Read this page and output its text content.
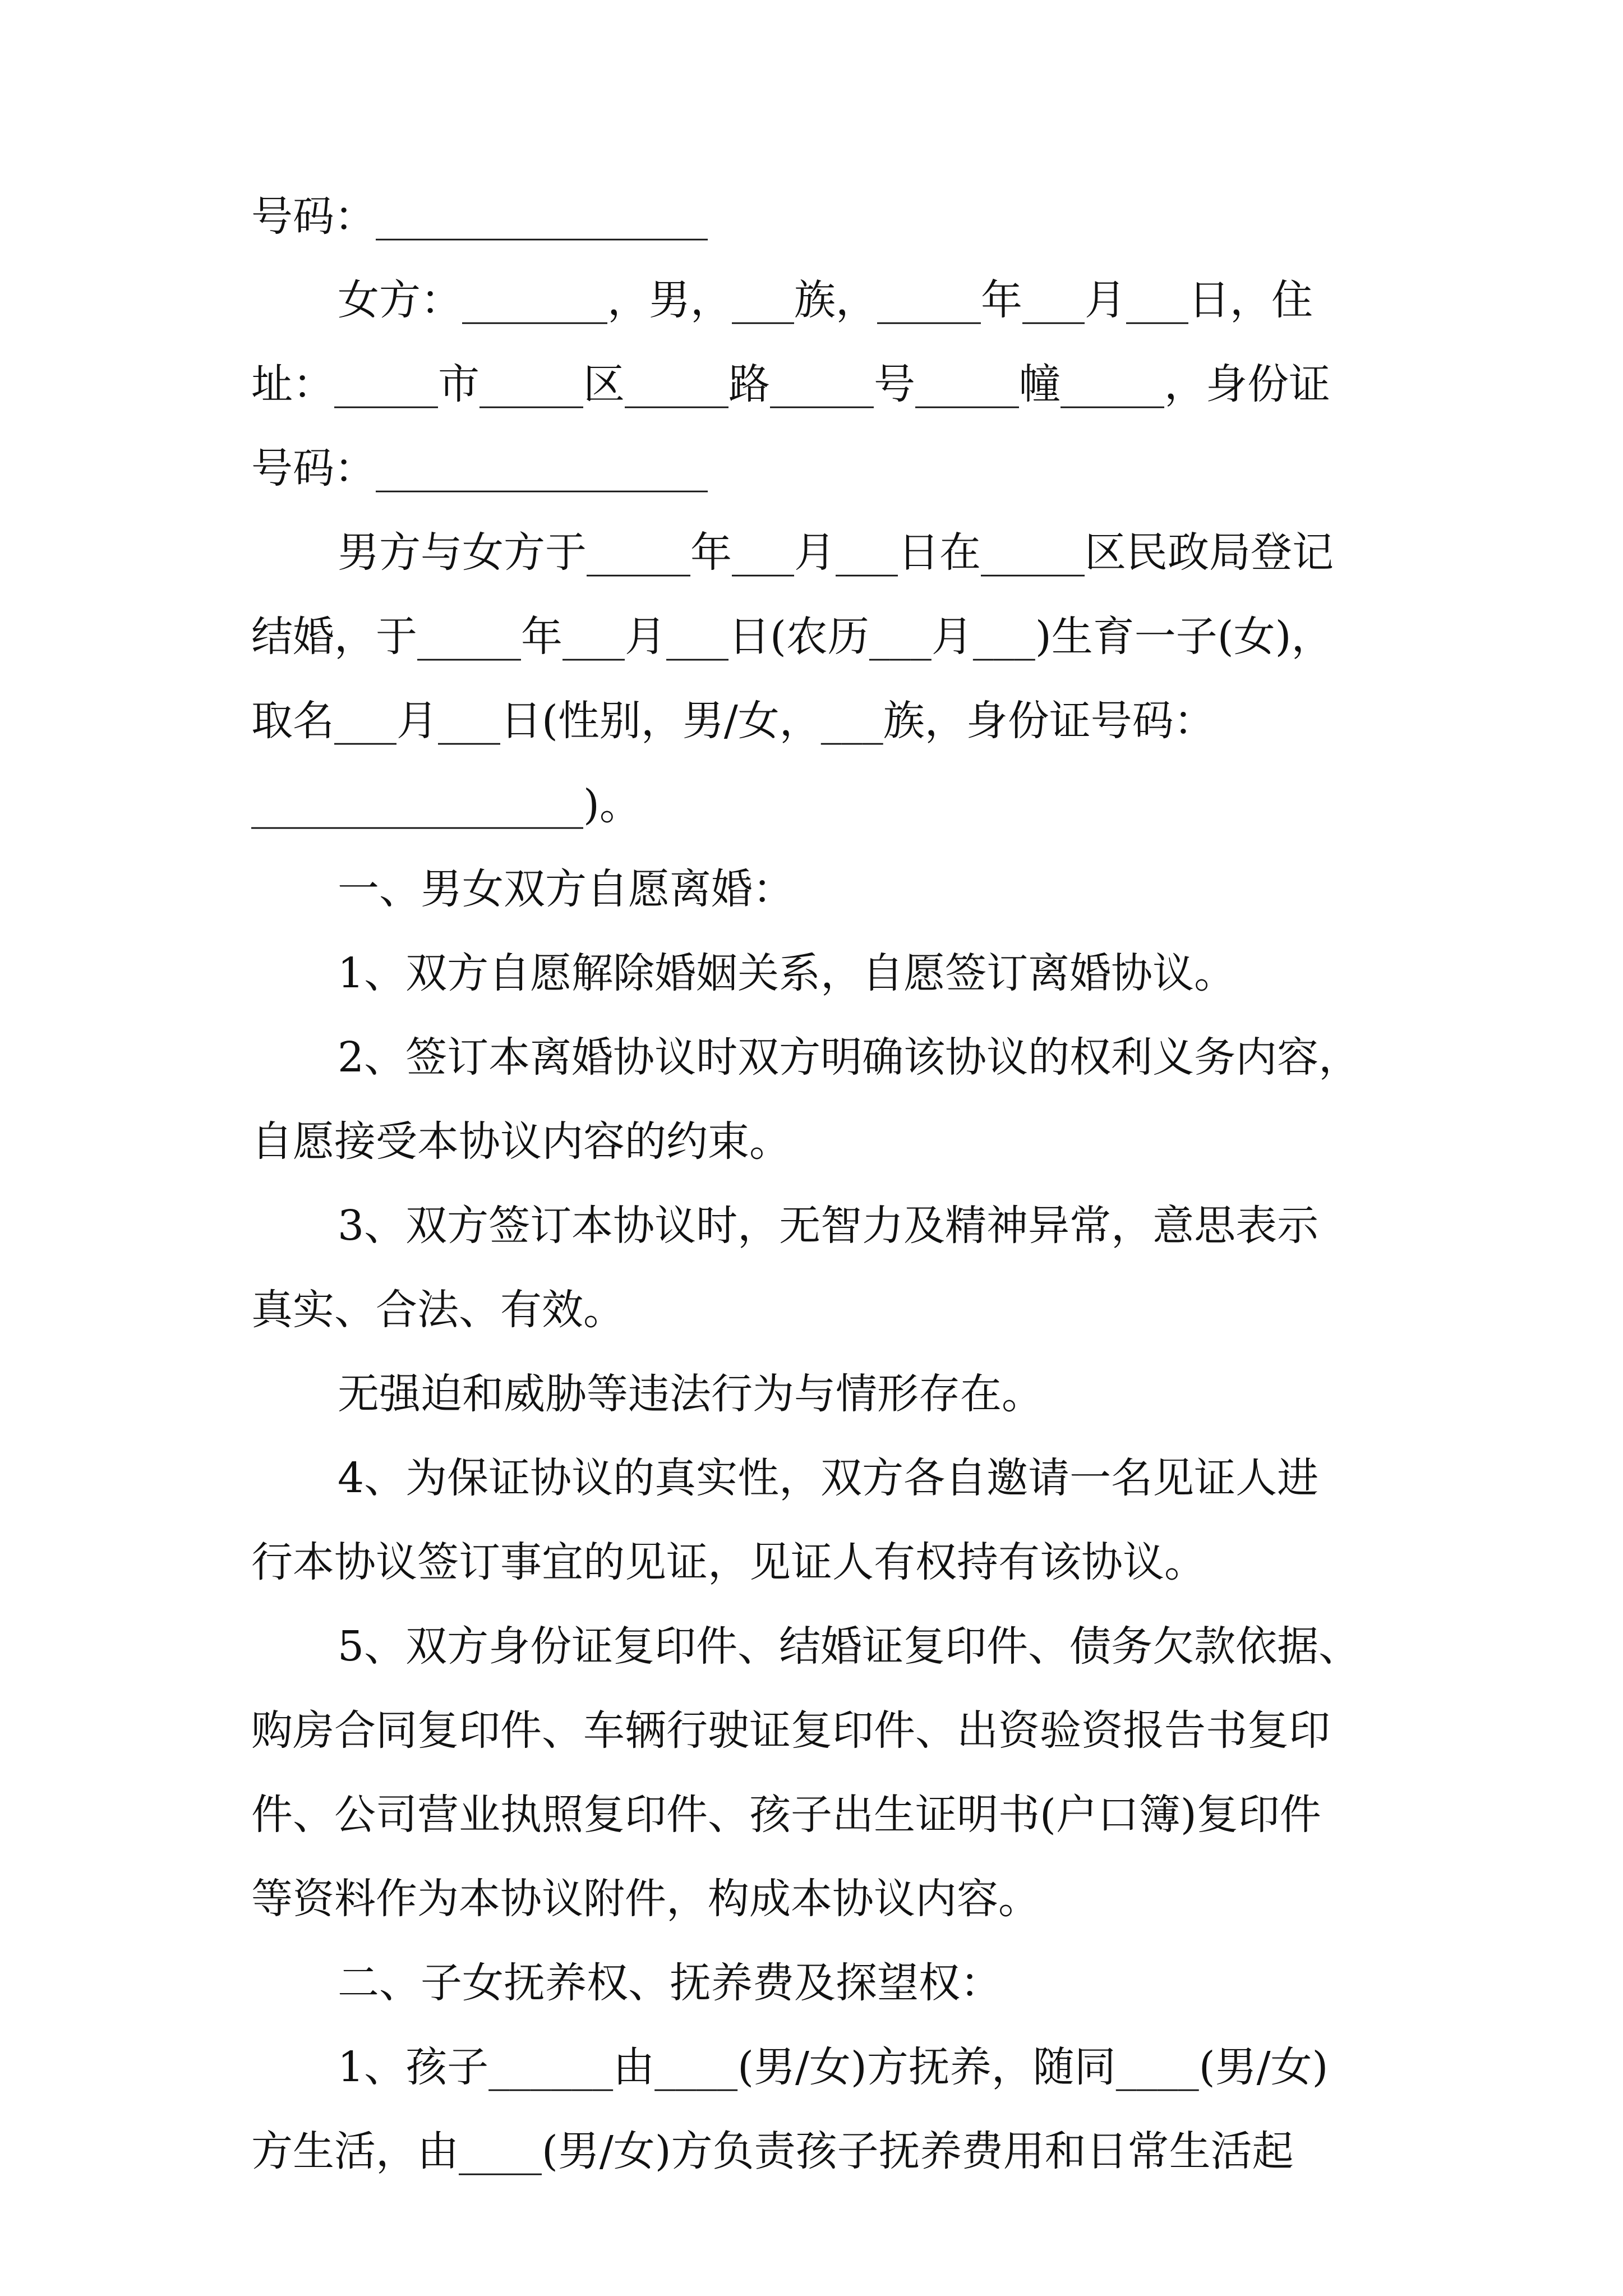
号码：________________
女方：_______，男，___族，_____年___月___日，住
址：_____市_____区_____路_____号_____幢_____，身份证
号码：________________
男方与女方于_____年___月___日在_____区民政局登记
结婚，于_____年___月___日(农历___月___)生育一子(女)，
取名___月___日(性别，男/女，___族，身份证号码：
________________)。
一、男女双方自愿离婚：
1、双方自愿解除婚姻关系，自愿签订离婚协议。
2、签订本离婚协议时双方明确该协议的权利义务内容，
自愿接受本协议内容的约束。
3、双方签订本协议时，无智力及精神异常，意思表示
真实、合法、有效。
无强迫和威胁等违法行为与情形存在。
4、为保证协议的真实性，双方各自邀请一名见证人进
行本协议签订事宜的见证，见证人有权持有该协议。
5、双方身份证复印件、结婚证复印件、债务欠款依据、
购房合同复印件、车辆行驶证复印件、出资验资报告书复印
件、公司营业执照复印件、孩子出生证明书(户口簿)复印件
等资料作为本协议附件，构成本协议内容。
二、子女抚养权、抚养费及探望权：
1、孩子______由____(男/女)方抚养，随同____(男/女)
方生活，由____(男/女)方负责孩子抚养费用和日常生活起
